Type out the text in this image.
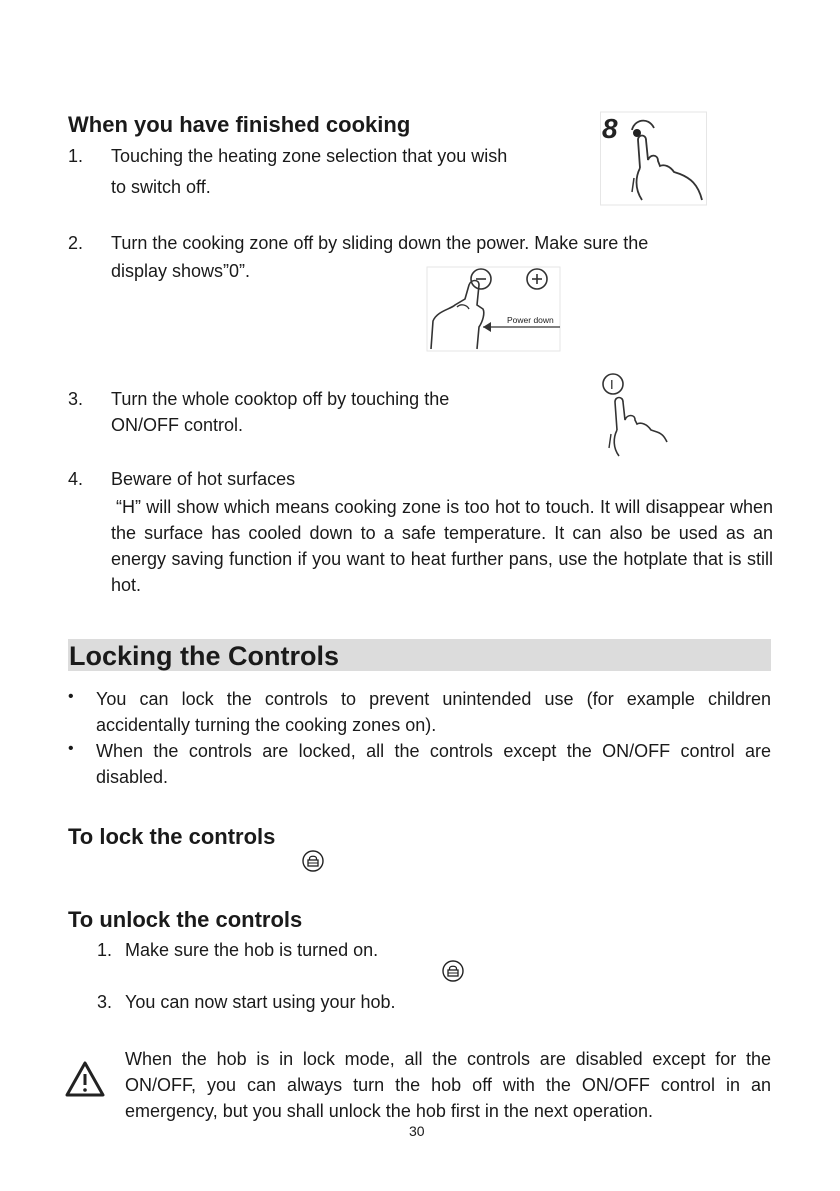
When you have finished cooking
1. Touching the heating zone selection that you wish
to switch off.
8
2. Turn the cooking zone off by sliding down the power. Make sure the
display shows”0”.
Power down
3. Turn the whole cooktop off by touching the
ON/OFF control.
I
4. Beware of hot surfaces
“H” will show which means cooking zone is too hot to touch. It will disappear when the surface has cooled down to a safe temperature. It can also be used as an energy saving function if you want to heat further pans, use the hotplate that is still hot.
Locking the Controls
• You can lock the controls to prevent unintended use (for example children accidentally turning the cooking zones on).
• When the controls are locked, all the controls except the ON/OFF control are disabled.
To lock the controls
To unlock the controls
1. Make sure the hob is turned on.
3. You can now start using your hob.
When the hob is in lock mode, all the controls are disabled except for the ON/OFF, you can always turn the hob off with the ON/OFF control in an emergency, but you shall unlock the hob first in the next operation.
30
